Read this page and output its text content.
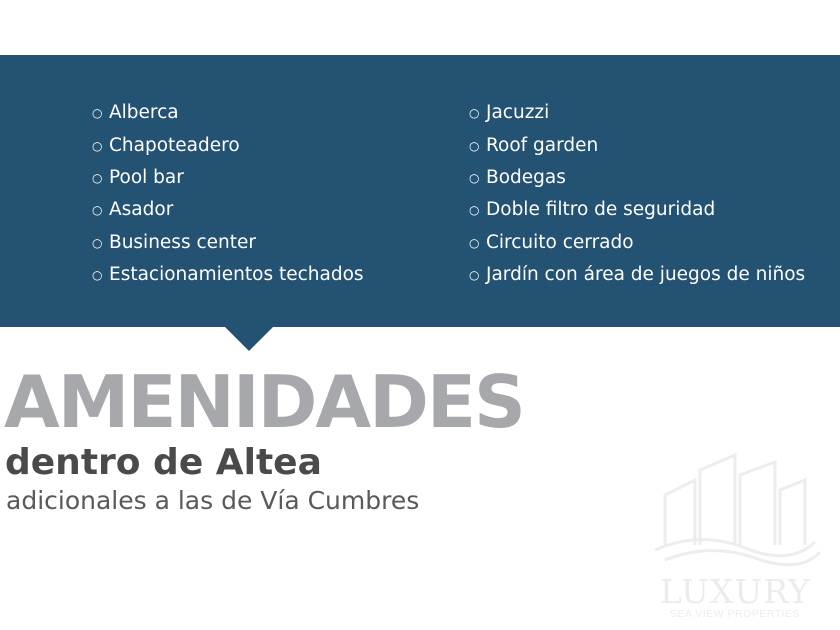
○ Alberca
○ Chapoteadero
○ Pool bar
○ Asador
○ Business center
○ Estacionamientos techados
○ Jacuzzi
○ Roof garden
○ Bodegas
○ Doble filtro de seguridad
○ Circuito cerrado
○ Jardín con área de juegos de niños
AMENIDADES
dentro de Altea

adicionales a las de Vía Cumbres

LUXURY
SEA VIEW PROPERTIES
